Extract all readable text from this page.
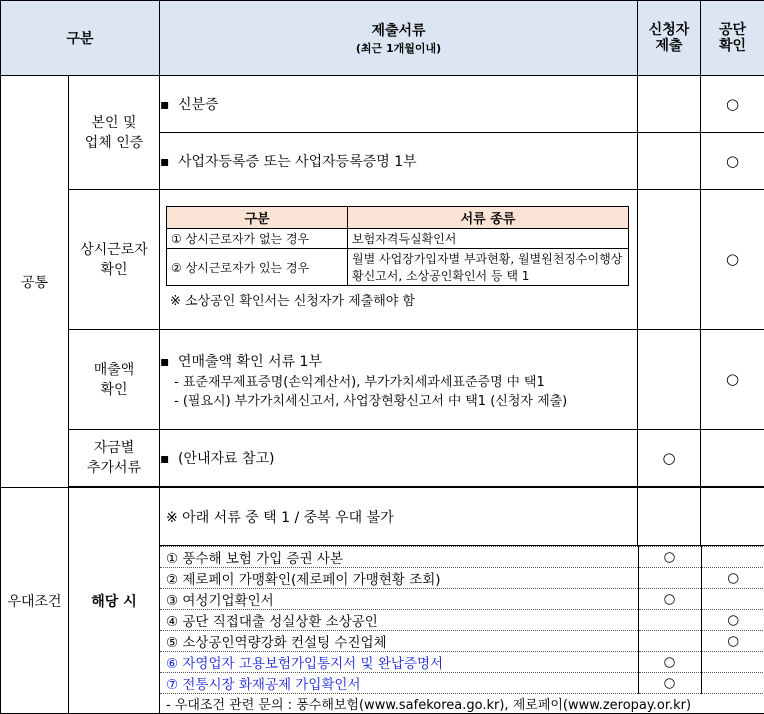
구분	제출서류
(최근 1개월이내)
	신청자
제출	공단
확인
공통	본인 및
업체 인증	▪ 신분증		○
▪ 사업자등록증 또는 사업자등록증명 1부		○
상시근로자
확인	
구분	서류 종류
① 상시근로자가 없는 경우	보험자격득실확인서
② 상시근로자가 있는 경우	월별 사업장가입자별 부과현황, 월별원천징수이행상황신고서, 소상공인확인서 등 택 1
※ 소상공인 확인서는 신청자가 제출해야 함
		○
매출액
확인	
▪ 연매출액 확인 서류 1부
- 표준재무제표증명(손익계산서), 부가가치세과세표준증명 中 택1
- (필요시) 부가가치세신고서, 사업장현황신고서 中 택1 (신청자 제출)
		○
자금별
추가서류	▪ (안내자료 참고)	○	

우대조건	해당 시	※ 아래 서류 중 택 1 / 중복 우대 불가		

① 풍수해 보험 가입 증권 사본	○	
② 제로페이 가맹확인(제로페이 가맹현황 조회)		○
③ 여성기업확인서	○	
④ 공단 직접대출 성실상환 소상공인		○
⑤ 소상공인역량강화 컨설팅 수진업체		○
⑥ 자영업자 고용보험가입통지서 및 완납증명서	○	
⑦ 전통시장 화재공제 가입확인서	○	
- 우대조건 관련 문의 : 풍수해보험(www.safekorea.go.kr), 제로페이(www.zeropay.or.kr)
